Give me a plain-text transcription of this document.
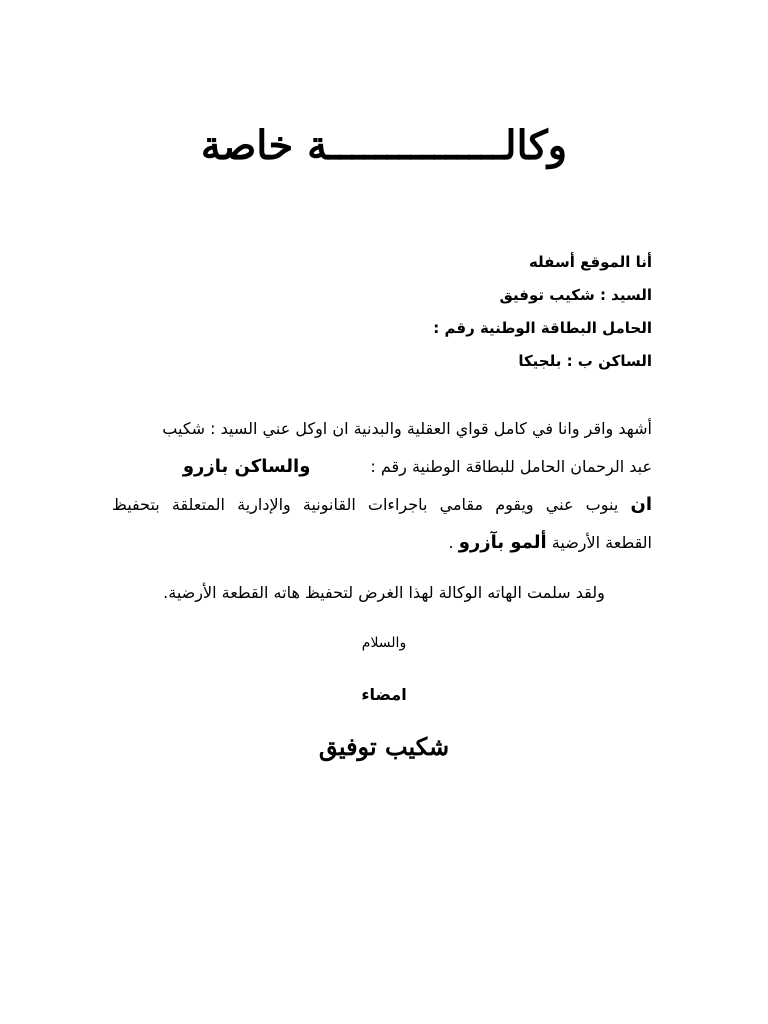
وكالـــــــــــــــة خاصة
أنا الموقع أسفله
السيد : شكيب توفيق
الحامل البطاقة الوطنية رقم :
الساكن ب : بلجيكا
أشهد واقر وانا في كامل قواي العقلية والبدنية ان اوكل عني السيد : شكيب
عبد الرحمان الحامل للبطاقة الوطنية رقم :والساكن بازرو
ان ينوب عني ويقوم مقامي باجراءات القانونية والإدارية المتعلقة بتحفيظ
القطعة الأرضية ألمو بآزرو .
ولقد سلمت الهاته الوكالة لهذا الغرض لتحفيظ هاته القطعة الأرضية.
والسلام
امضاء
شكيب توفيق
